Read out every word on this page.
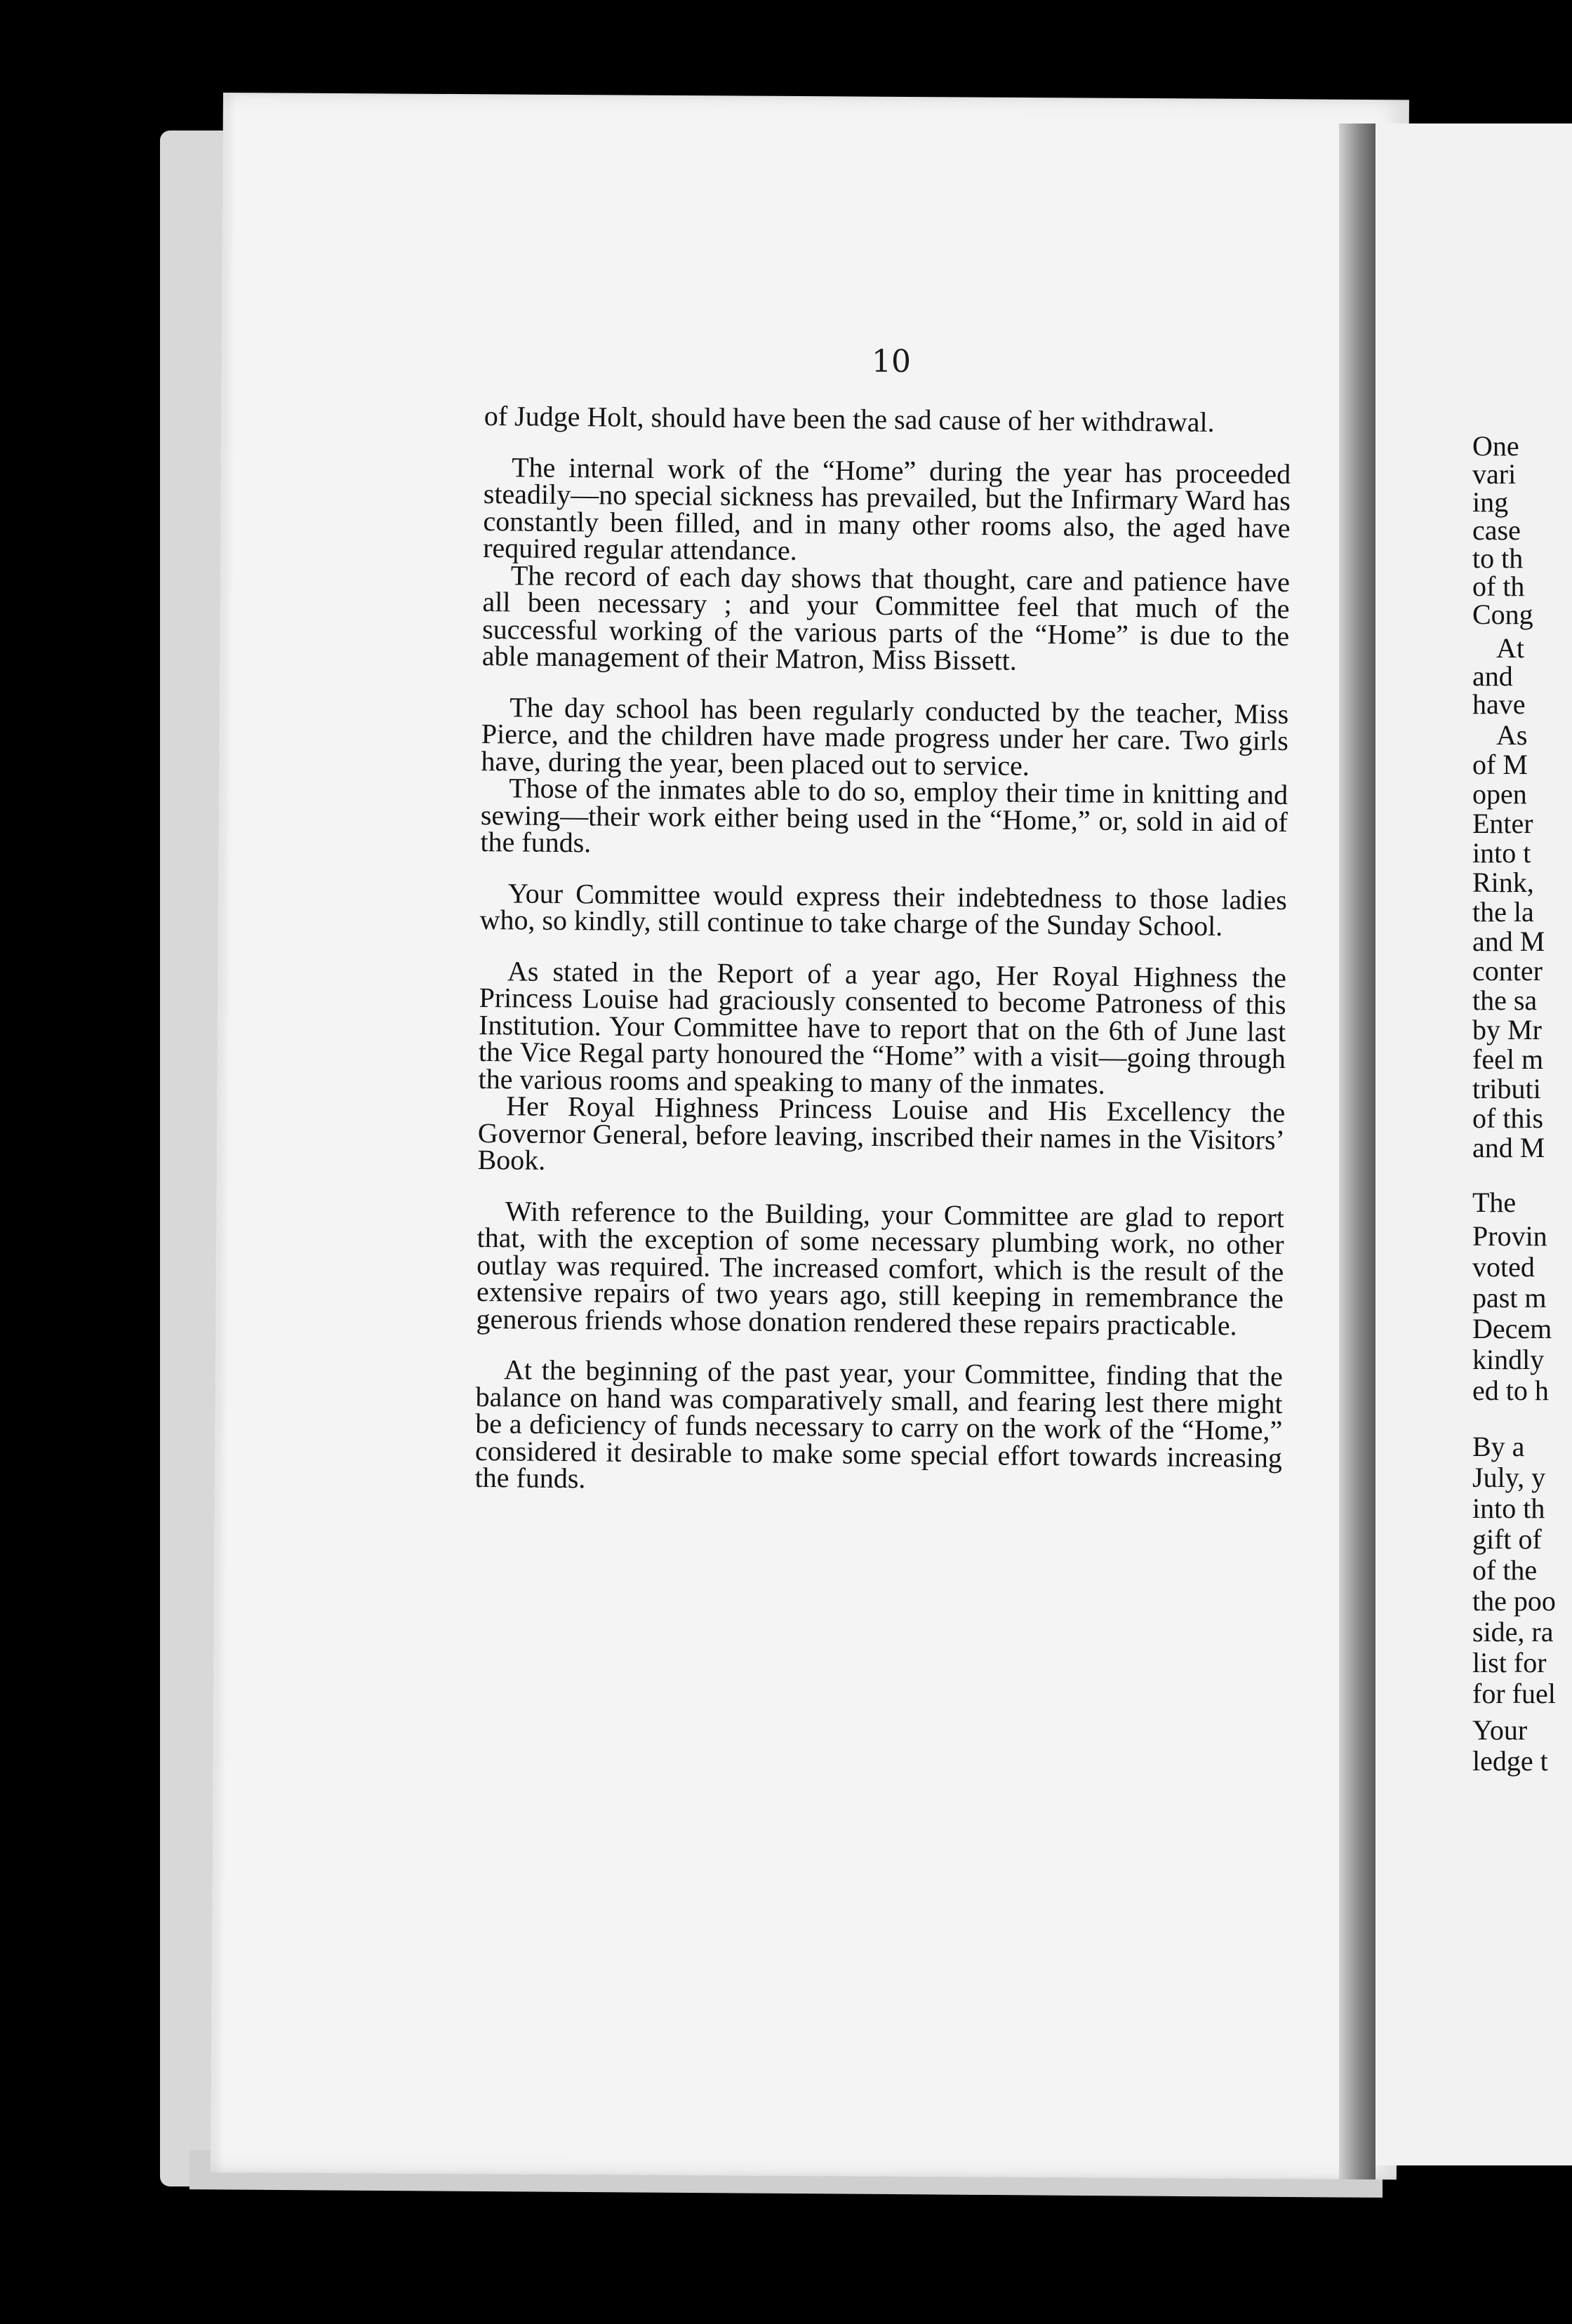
10

of Judge Holt, should have been the sad cause of her withdrawal.

The internal work of the “Home” during the year has proceeded steadily—no special sickness has prevailed, but the Infirmary Ward has constantly been filled, and in many other rooms also, the aged have required regular attendance.

The record of each day shows that thought, care and patience have all been necessary ; and your Committee feel that much of the successful working of the various parts of the “Home” is due to the able management of their Matron, Miss Bissett.

The day school has been regularly conducted by the teacher, Miss Pierce, and the children have made progress under her care. Two girls have, during the year, been placed out to service.

Those of the inmates able to do so, employ their time in knitting and sewing—their work either being used in the “Home,” or, sold in aid of the funds.

Your Committee would express their indebtedness to those ladies who, so kindly, still continue to take charge of the Sunday School.

As stated in the Report of a year ago, Her Royal Highness the Princess Louise had graciously consented to become Patroness of this Institution. Your Committee have to report that on the 6th of June last the Vice Regal party honoured the “Home” with a visit—going through the various rooms and speaking to many of the inmates.

Her Royal Highness Princess Louise and His Excellency the Governor General, before leaving, inscribed their names in the Visitors’ Book.

With reference to the Building, your Committee are glad to report that, with the exception of some necessary plumbing work, no other outlay was required. The increased comfort, which is the result of the extensive repairs of two years ago, still keeping in remembrance the generous friends whose donation rendered these repairs practicable.

At the beginning of the past year, your Committee, finding that the balance on hand was comparatively small, and fearing lest there might be a deficiency of funds necessary to carry on the work of the “Home,” considered it desirable to make some special effort towards increasing the funds.

One
vari
ing
case
to th
of th
Cong
At
and
have
As
of M
open
Enter
into t
Rink,
the la
and M
conter
the sa
by Mr
feel m
tributi
of this
and M
The
Provin
voted
past m
Decem
kindly
ed to h
By a
July, y
into th
gift of
of the
the poo
side, ra
list for
for fuel
Your
ledge t
